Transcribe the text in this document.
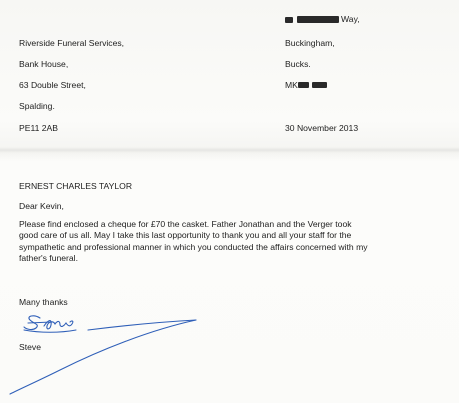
Way,
Buckingham,
Bucks.
MK
30 November 2013
Riverside Funeral Services,
Bank House,
63 Double Street,
Spalding.
PE11 2AB
ERNEST CHARLES TAYLOR
Dear Kevin,
Please find enclosed a cheque for £70 the casket. Father Jonathan and the Verger took
good care of us all. May I take this last opportunity to thank you and all your staff for the
sympathetic and professional manner in which you conducted the affairs concerned with my
father's funeral.
Many thanks
Steve
